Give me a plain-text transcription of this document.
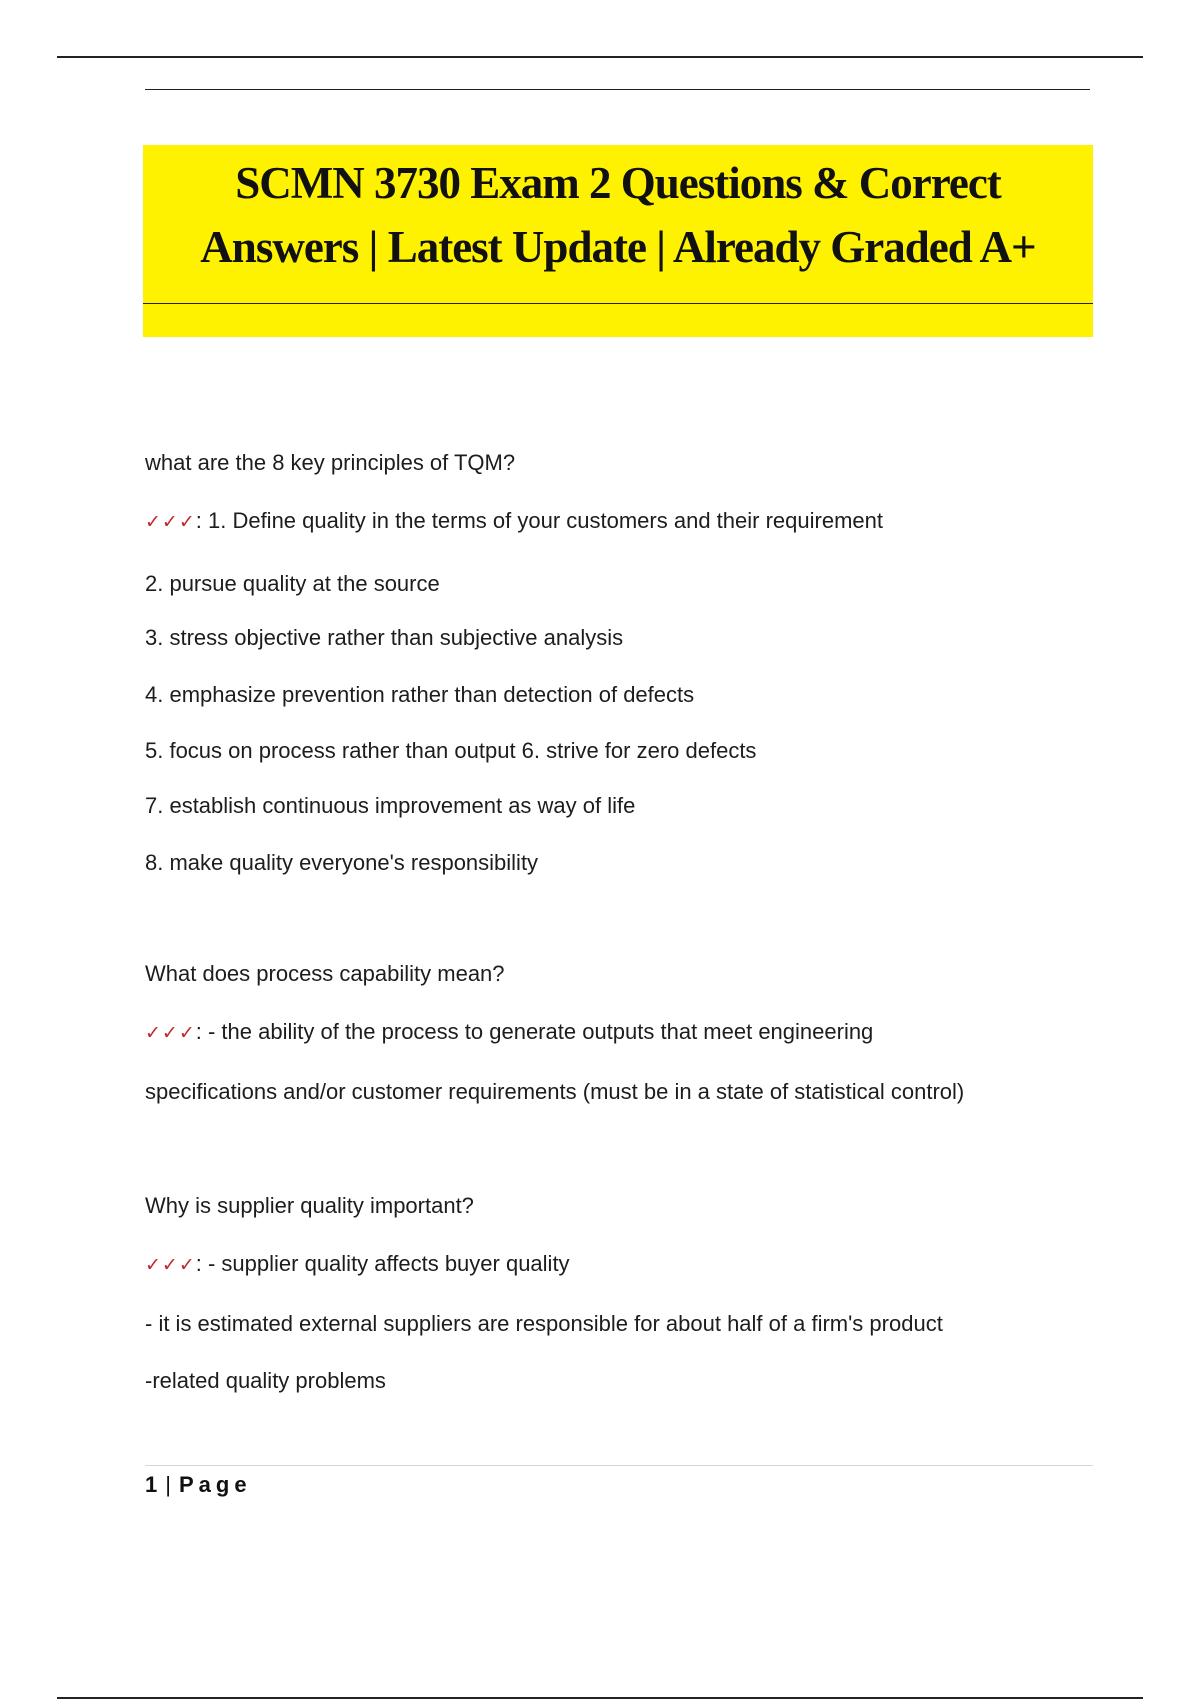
SCMN 3730 Exam 2 Questions & Correct
Answers | Latest Update | Already Graded A+
what are the 8 key principles of TQM?
✓✓✓: 1. Define quality in the terms of your customers and their requirement
2. pursue quality at the source
3. stress objective rather than subjective analysis
4. emphasize prevention rather than detection of defects
5. focus on process rather than output 6. strive for zero defects
7. establish continuous improvement as way of life
8. make quality everyone's responsibility
What does process capability mean?
✓✓✓: - the ability of the process to generate outputs that meet engineering
specifications and/or customer requirements (must be in a state of statistical control)
Why is supplier quality important?
✓✓✓: - supplier quality affects buyer quality
- it is estimated external suppliers are responsible for about half of a firm's product
-related quality problems
1 | Page
